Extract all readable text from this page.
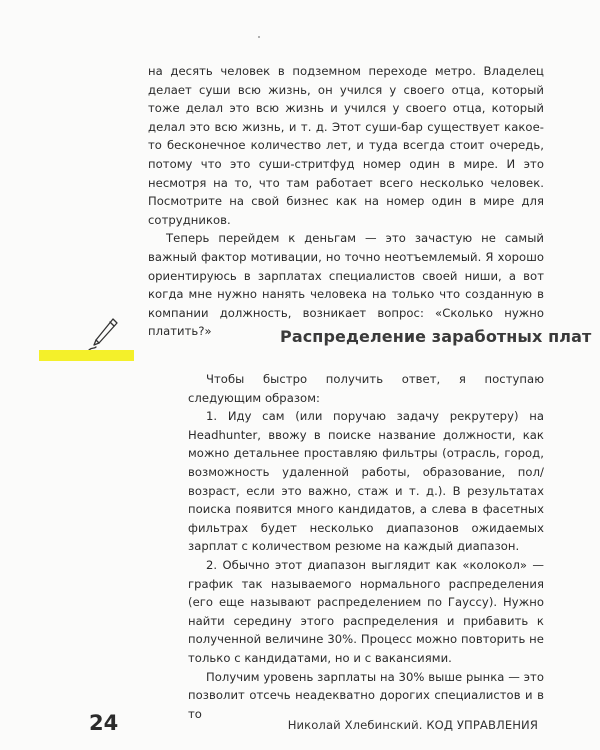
на десять человек в подземном переходе метро. Владелец делает суши всю жизнь, он учился у своего отца, который тоже делал это всю жизнь и учился у своего отца, который делал это всю жизнь, и т. д. Этот суши-бар существует какое-то бесконечное количество лет, и туда всегда стоит очередь, потому что это суши-стритфуд номер один в мире. И это несмотря на то, что там работает всего несколько человек. Посмотрите на свой бизнес как на номер один в мире для сотрудников.

Теперь перейдем к деньгам — это зачастую не самый важный фактор мотивации, но точно неотъемлемый. Я хорошо ориентируюсь в зарплатах специалистов своей ниши, а вот когда мне нужно нанять человека на только что созданную в компании должность, возникает вопрос: «Сколько нужно платить?»	Распределение заработных плат

Чтобы быстро получить ответ, я поступаю следующим образом:

1. Иду сам (или поручаю задачу рекрутеру) на Headhunter, ввожу в поиске название должности, как можно детальнее проставляю фильтры (отрасль, город, возможность удаленной работы, образование, пол/возраст, если это важно, стаж и т. д.). В результатах поиска появится много кандидатов, а слева в фасетных фильтрах будет несколько диапазонов ожидаемых зарплат с количеством резюме на каждый диапазон.

2. Обычно этот диапазон выглядит как «колокол» — график так называемого нормального распределения (его еще называют распределением по Гауссу). Нужно найти середину этого распределения и прибавить к полученной величине 30%. Процесс можно повторить не только с кандидатами, но и с вакансиями.

Получим уровень зарплаты на 30% выше рынка — это позволит отсечь неадекватно дорогих специалистов и в то

24	Николай Хлебинский. КОД УПРАВЛЕНИЯ
